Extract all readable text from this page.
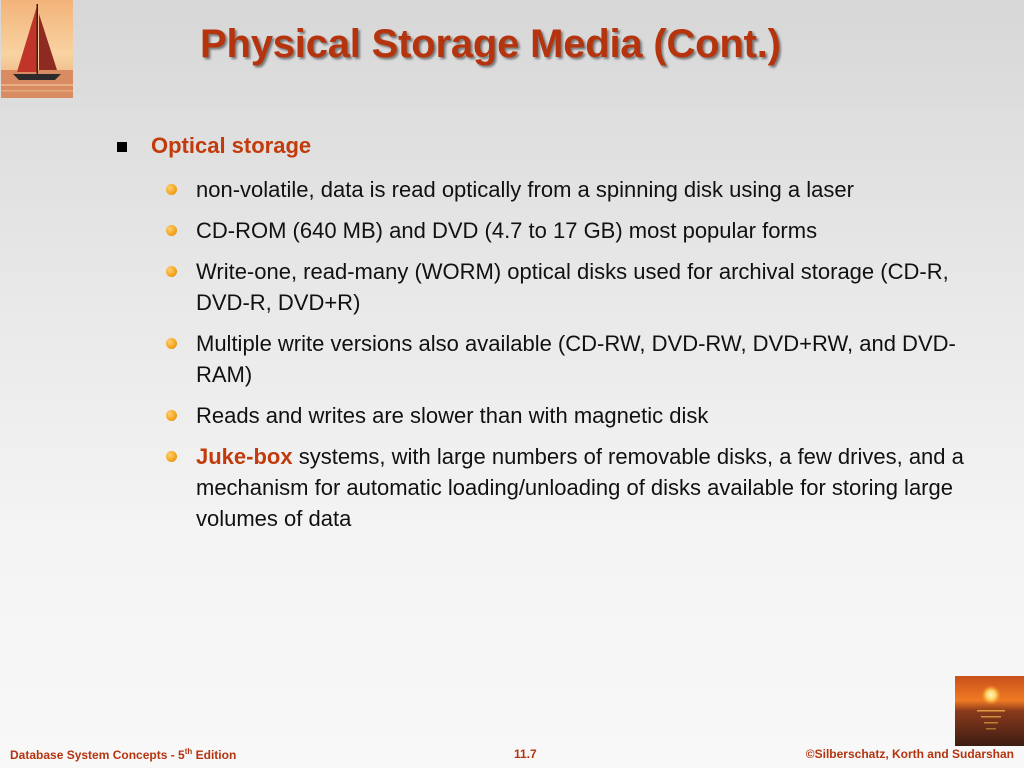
Physical Storage Media (Cont.)
Optical storage
non-volatile, data is read optically from a spinning disk using a laser
CD-ROM (640 MB) and DVD (4.7 to 17 GB) most popular forms
Write-one, read-many (WORM) optical disks used for archival storage (CD-R, DVD-R, DVD+R)
Multiple write versions also available (CD-RW, DVD-RW, DVD+RW, and DVD-RAM)
Reads and writes are slower than with magnetic disk
Juke-box systems, with large numbers of removable disks, a few drives, and a mechanism for automatic loading/unloading of disks available for storing large volumes of data
Database System Concepts - 5th Edition	11.7	©Silberschatz, Korth and Sudarshan
